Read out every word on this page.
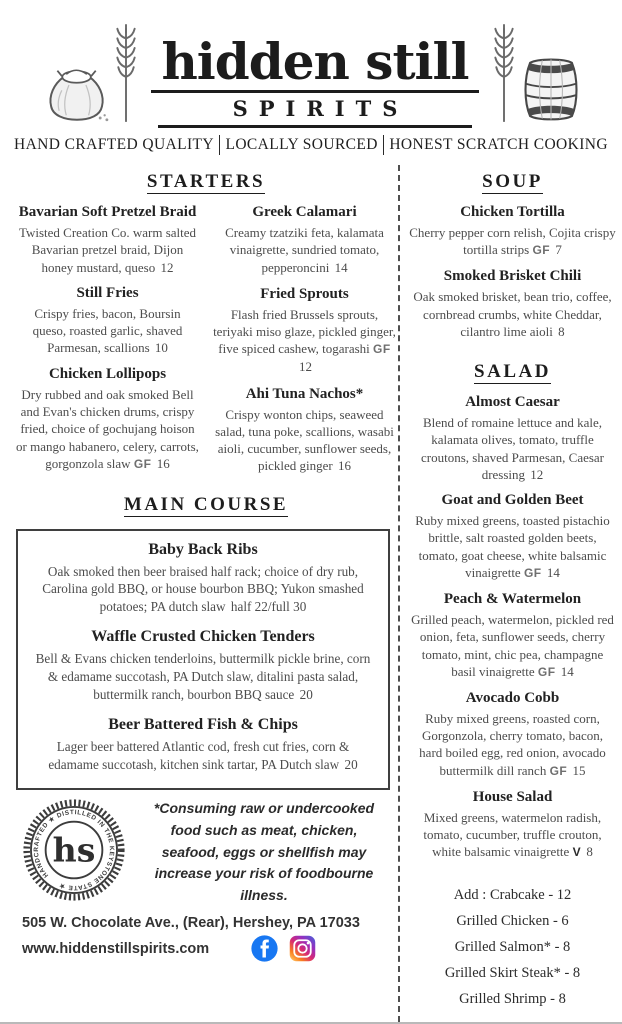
hidden still
SPIRITS
HAND CRAFTED QUALITY LOCALLY SOURCED HONEST SCRATCH COOKING
STARTERS
Bavarian Soft Pretzel Braid

Twisted Creation Co. warm salted Bavarian pretzel braid, Dijon honey mustard, queso 12

Still Fries

Crispy fries, bacon, Boursin queso, roasted garlic, shaved Parmesan, scallions 10

Chicken Lollipops

Dry rubbed and oak smoked Bell and Evan's chicken drums, crispy fried, choice of gochujang hoison or mango habanero, celery, carrots, gorgonzola slaw GF 16

Greek Calamari

Creamy tzatziki feta, kalamata vinaigrette, sundried tomato, pepperoncini 14

Fried Sprouts

Flash fried Brussels sprouts, teriyaki miso glaze, pickled ginger, five spiced cashew, togarashi GF 12

Ahi Tuna Nachos*

Crispy wonton chips, seaweed salad, tuna poke, scallions, wasabi aioli, cucumber, sunflower seeds, pickled ginger 16

MAIN COURSE
Baby Back Ribs

Oak smoked then beer braised half rack; choice of dry rub, Carolina gold BBQ, or house bourbon BBQ; Yukon smashed potatoes; PA dutch slaw half 22/full 30

Waffle Crusted Chicken Tenders

Bell & Evans chicken tenderloins, buttermilk pickle brine, corn & edamame succotash, PA Dutch slaw, ditalini pasta salad, buttermilk ranch, bourbon BBQ sauce 20

Beer Battered Fish & Chips

Lager beer battered Atlantic cod, fresh cut fries, corn & edamame succotash, kitchen sink tartar, PA Dutch slaw 20

HANDCRAFTED ★ DISTILLED IN THE KEYSTONE STATE ★
hs

*Consuming raw or undercooked food such as meat, chicken, seafood, eggs or shellfish may increase your risk of foodbourne illness.

505 W. Chocolate Ave., (Rear), Hershey, PA 17033
www.hiddenstillspirits.com
SOUP
Chicken Tortilla

Cherry pepper corn relish, Cojita crispy tortilla strips GF 7

Smoked Brisket Chili

Oak smoked brisket, bean trio, coffee, cornbread crumbs, white Cheddar, cilantro lime aioli 8

SALAD
Almost Caesar

Blend of romaine lettuce and kale, kalamata olives, tomato, truffle croutons, shaved Parmesan, Caesar dressing 12

Goat and Golden Beet

Ruby mixed greens, toasted pistachio brittle, salt roasted golden beets, tomato, goat cheese, white balsamic vinaigrette GF 14

Peach & Watermelon

Grilled peach, watermelon, pickled red onion, feta, sunflower seeds, cherry tomato, mint, chic pea, champagne basil vinaigrette GF 14

Avocado Cobb

Ruby mixed greens, roasted corn, Gorgonzola, cherry tomato, bacon, hard boiled egg, red onion, avocado buttermilk dill ranch GF 15

House Salad

Mixed greens, watermelon radish, tomato, cucumber, truffle crouton, white balsamic vinaigrette V 8

Add : Crabcake - 12
Grilled Chicken - 6
Grilled Salmon* - 8
Grilled Skirt Steak* - 8
Grilled Shrimp - 8
